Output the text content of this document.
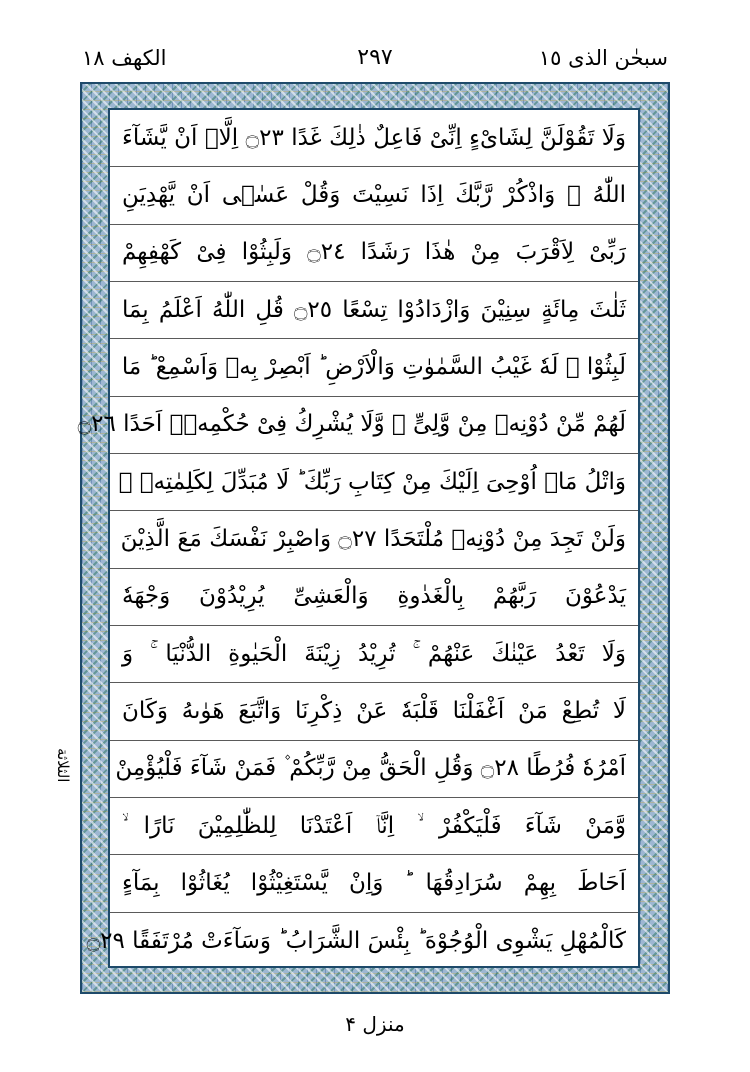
الكهف ١٨	٢٩٧	سبحٰن الذی ١٥
وَلَا تَقُوْلَنَّ لِشَایْءٍ اِنِّیْ فَاعِلٌ ذٰلِكَ غَدًا ۝٢٣ اِلَّاۤ اَنْ یَّشَآءَ
اللّٰهُ ۫ وَاذْكُرْ رَّبَّكَ اِذَا نَسِیْتَ وَقُلْ عَسٰۤی اَنْ یَّهْدِیَنِ
رَبِّیْ لِاَقْرَبَ مِنْ هٰذَا رَشَدًا ۝٢٤ وَلَبِثُوْا فِیْ كَهْفِهِمْ
ثَلٰثَ مِائَةٍ سِنِیْنَ وَازْدَادُوْا تِسْعًا ۝٢٥ قُلِ اللّٰهُ اَعْلَمُ بِمَا
لَبِثُوْا ۚ لَهٗ غَیْبُ السَّمٰوٰتِ وَالْاَرْضِ ؕ اَبْصِرْ بِهٖ وَاَسْمِعْ ؕ مَا
لَهُمْ مِّنْ دُوْنِهٖ مِنْ وَّلِیٍّ ؗ وَّلَا یُشْرِكُ فِیْ حُكْمِهٖۤ اَحَدًا ۝٢٦
وَاتْلُ مَاۤ اُوْحِیَ اِلَیْكَ مِنْ كِتَابِ رَبِّكَ ؕ لَا مُبَدِّلَ لِكَلِمٰتِهٖ ۚ
وَلَنْ تَجِدَ مِنْ دُوْنِهٖ مُلْتَحَدًا ۝٢٧ وَاصْبِرْ نَفْسَكَ مَعَ الَّذِیْنَ
یَدْعُوْنَ رَبَّهُمْ بِالْغَدٰوةِ وَالْعَشِیِّ یُرِیْدُوْنَ وَجْهَهٗ
وَلَا تَعْدُ عَیْنٰكَ عَنْهُمْ ۚ تُرِیْدُ زِیْنَةَ الْحَیٰوةِ الدُّنْیَا ۚ وَ
لَا تُطِعْ مَنْ اَغْفَلْنَا قَلْبَهٗ عَنْ ذِكْرِنَا وَاتَّبَعَ هَوٰىهُ وَكَانَ
اَمْرُهٗ فُرُطًا ۝٢٨ وَقُلِ الْحَقُّ مِنْ رَّبِّكُمْ ۫ فَمَنْ شَآءَ فَلْیُؤْمِنْ
وَّمَنْ شَآءَ فَلْیَكْفُرْ ۙ اِنَّاۤ اَعْتَدْنَا لِلظّٰلِمِیْنَ نَارًا ۙ
اَحَاطَ بِهِمْ سُرَادِقُهَا ؕ وَاِنْ یَّسْتَغِیْثُوْا یُغَاثُوْا بِمَآءٍ
كَالْمُهْلِ یَشْوِی الْوُجُوْهَ ؕ بِئْسَ الشَّرَابُ ؕ وَسَآءَتْ مُرْتَفَقًا ۝٢٩
الثلاثة
منزل ۴
